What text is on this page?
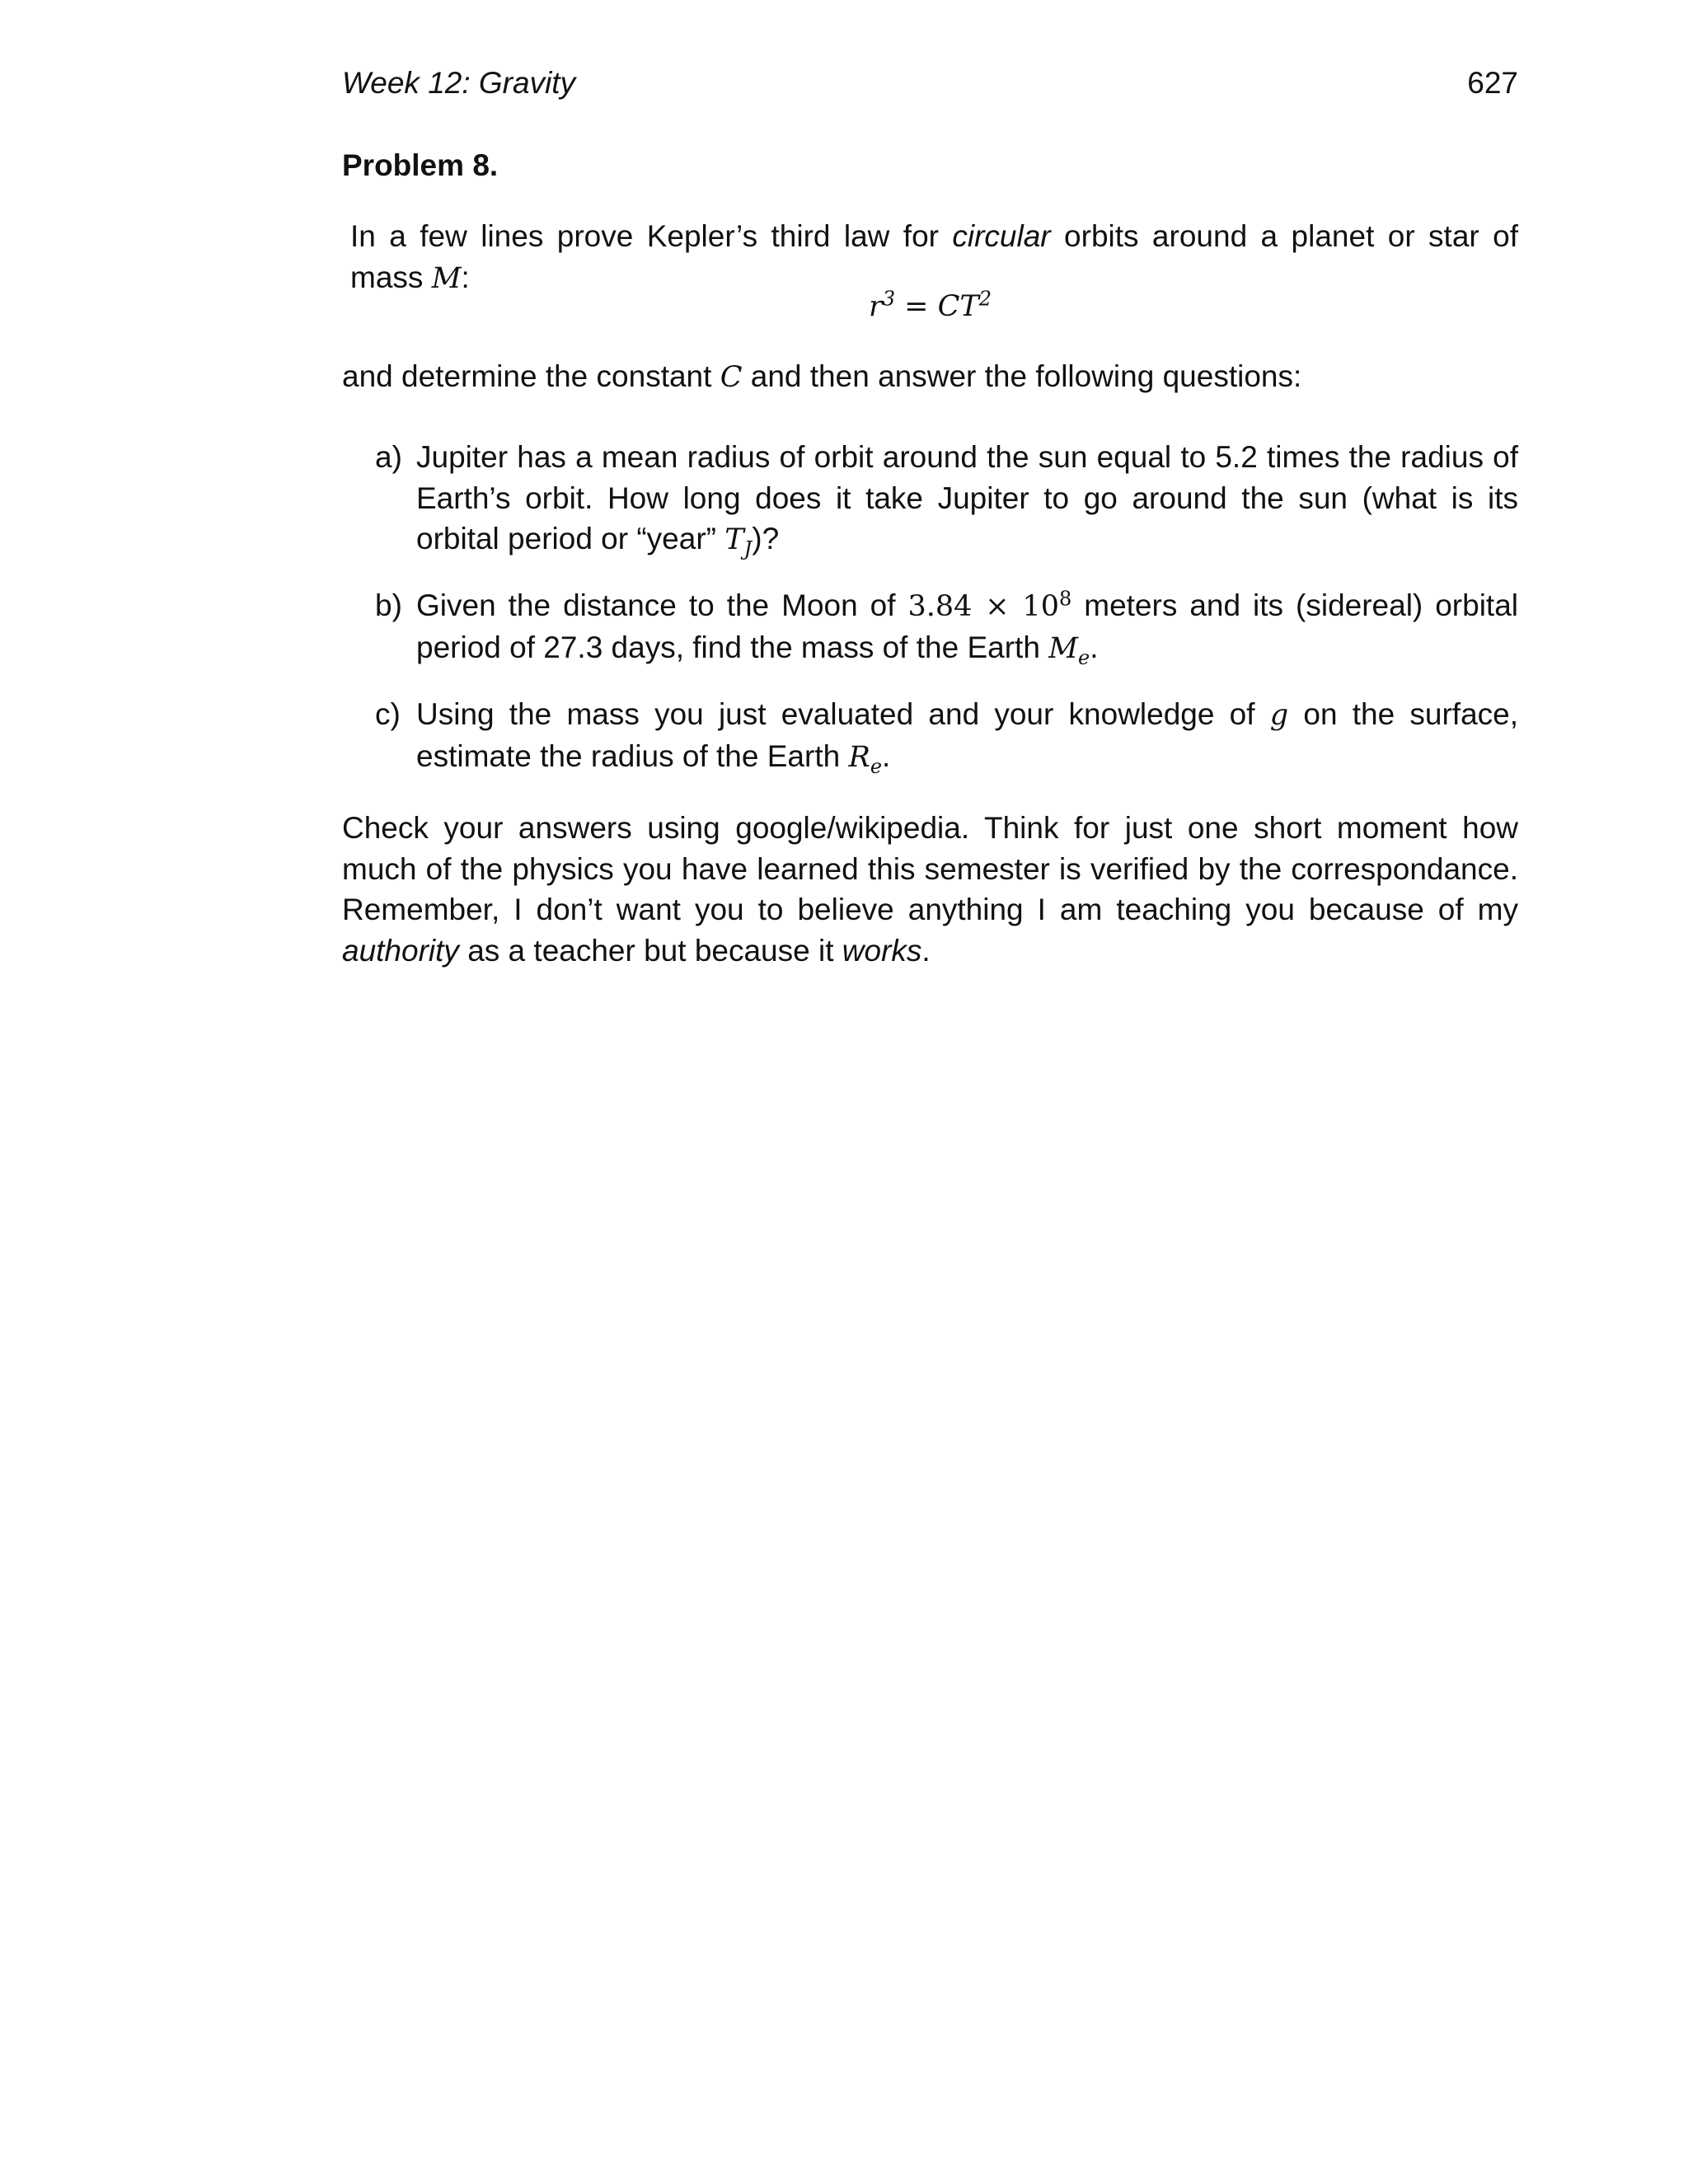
Week 12: Gravity	627
Problem 8.
In a few lines prove Kepler’s third law for circular orbits around a planet or star of mass M:
$r^3 = CT^2$
and determine the constant C and then answer the following questions:
a) Jupiter has a mean radius of orbit around the sun equal to 5.2 times the radius of Earth’s orbit. How long does it take Jupiter to go around the sun (what is its orbital period or “year” $T_J$)?
b) Given the distance to the Moon of $3.84 \times 10^8$ meters and its (sidereal) orbital period of 27.3 days, find the mass of the Earth $M_e$.
c) Using the mass you just evaluated and your knowledge of g on the surface, estimate the radius of the Earth $R_e$.
Check your answers using google/wikipedia. Think for just one short moment how much of the physics you have learned this semester is verified by the correspondance. Remember, I don’t want you to believe anything I am teaching you because of my authority as a teacher but because it works.
